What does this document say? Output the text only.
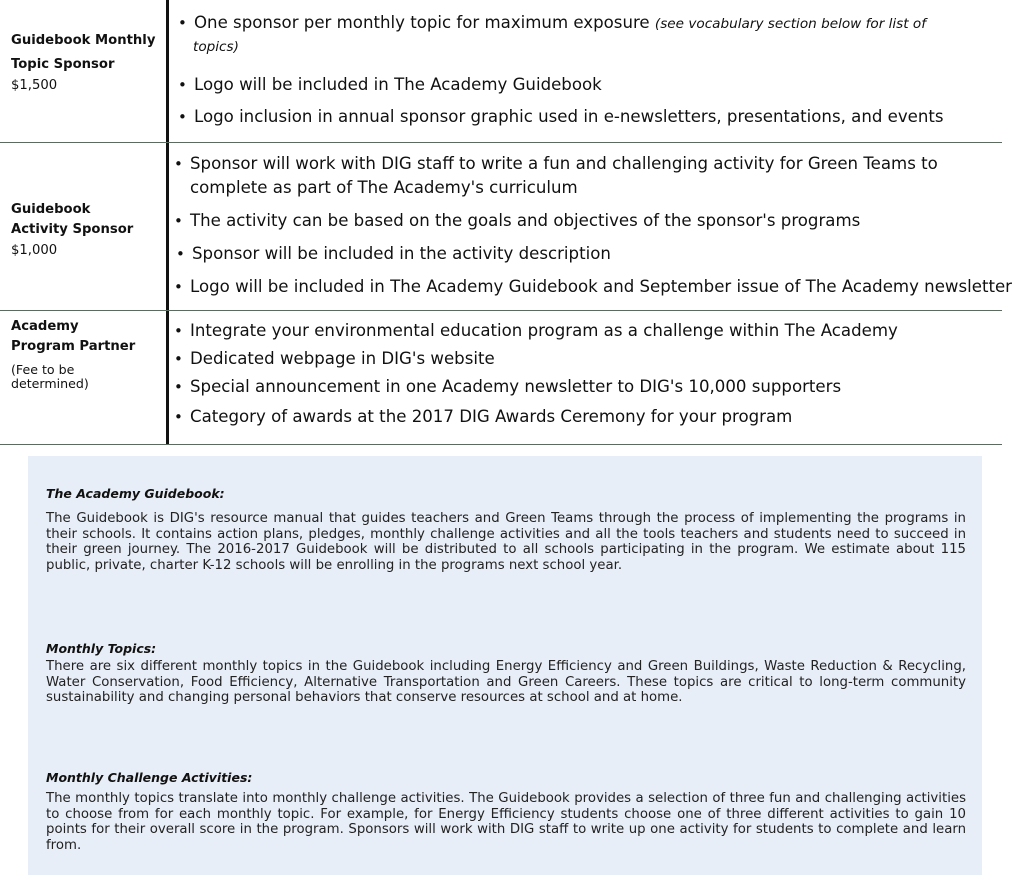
Guidebook Monthly
Topic Sponsor
$1,500
• One sponsor per monthly topic for maximum exposure (see vocabulary section below for list of
topics)
• Logo will be included in The Academy Guidebook
• Logo inclusion in annual sponsor graphic used in e-newsletters, presentations, and events
Guidebook
Activity Sponsor
$1,000
• Sponsor will work with DIG staff to write a fun and challenging activity for Green Teams to
complete as part of The Academy's curriculum
• The activity can be based on the goals and objectives of the sponsor's programs
• Sponsor will be included in the activity description
• Logo will be included in The Academy Guidebook and September issue of The Academy newsletter
Academy
Program Partner
(Fee to be
determined)
• Integrate your environmental education program as a challenge within The Academy
• Dedicated webpage in DIG's website
• Special announcement in one Academy newsletter to DIG's 10,000 supporters
• Category of awards at the 2017 DIG Awards Ceremony for your program
The Academy Guidebook:
The Guidebook is DIG's resource manual that guides teachers and Green Teams through the process of implementing the programs in their schools. It contains action plans, pledges, monthly challenge activities and all the tools teachers and students need to succeed in their green journey. The 2016-2017 Guidebook will be distributed to all schools participating in the program. We estimate about 115 public, private, charter K-12 schools will be enrolling in the programs next school year.
Monthly Topics:
There are six different monthly topics in the Guidebook including Energy Efficiency and Green Buildings, Waste Reduction & Recycling, Water Conservation, Food Efficiency, Alternative Transportation and Green Careers. These topics are critical to long-term community sustainability and changing personal behaviors that conserve resources at school and at home.
Monthly Challenge Activities:
The monthly topics translate into monthly challenge activities. The Guidebook provides a selection of three fun and challenging activities to choose from for each monthly topic. For example, for Energy Efficiency students choose one of three different activities to gain 10 points for their overall score in the program. Sponsors will work with DIG staff to write up one activity for students to complete and learn from.
